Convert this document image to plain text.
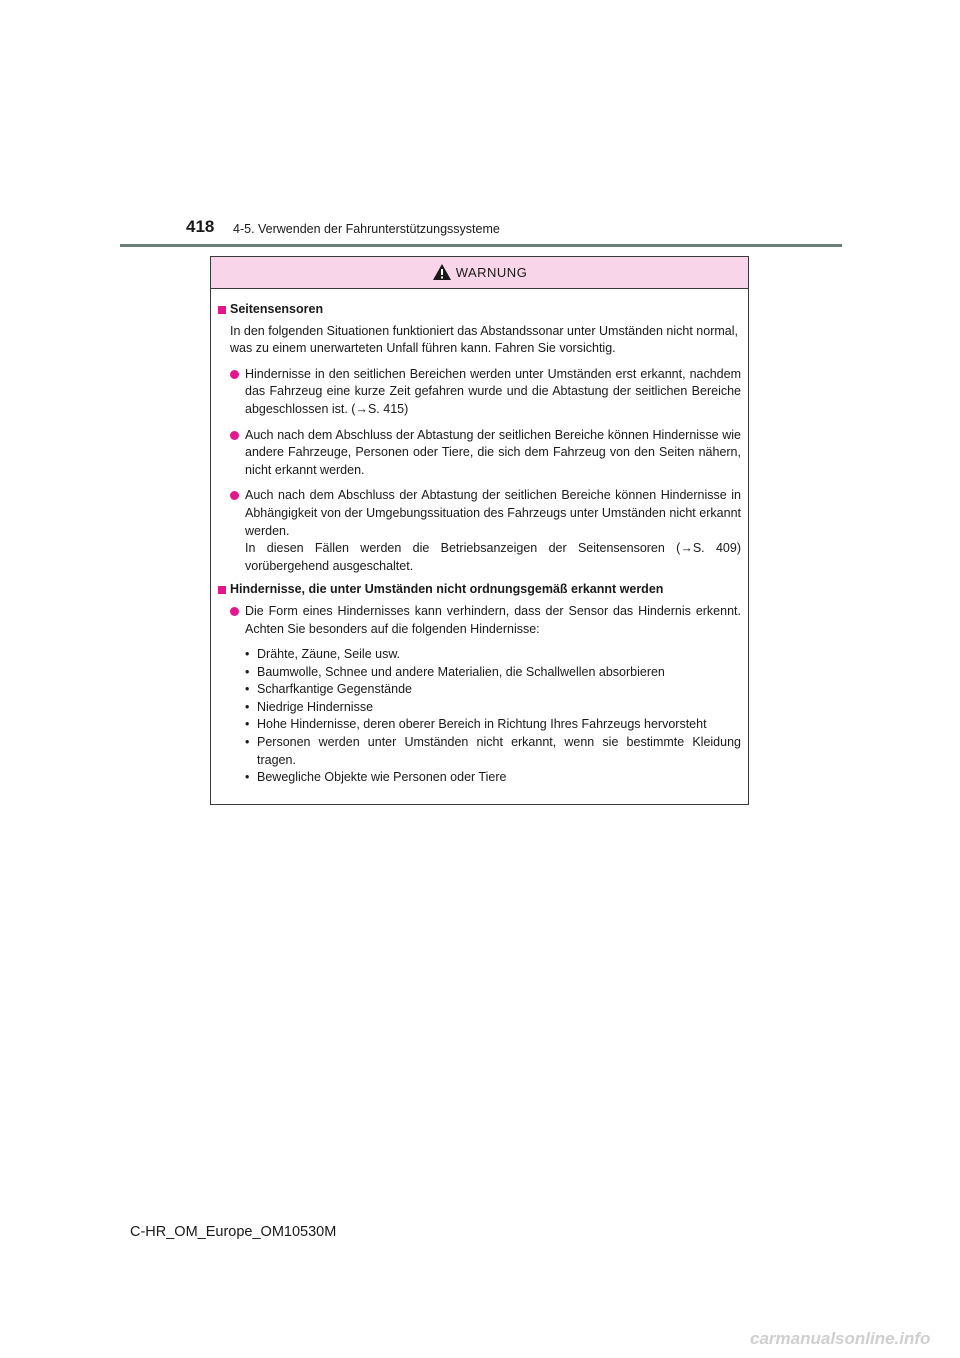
418 4-5. Verwenden der Fahrunterstützungssysteme
WARNUNG
Seitensensoren
In den folgenden Situationen funktioniert das Abstandssonar unter Umständen nicht normal, was zu einem unerwarteten Unfall führen kann. Fahren Sie vorsichtig.
Hindernisse in den seitlichen Bereichen werden unter Umständen erst erkannt, nachdem das Fahrzeug eine kurze Zeit gefahren wurde und die Abtastung der seitlichen Bereiche abgeschlossen ist. (→S. 415)
Auch nach dem Abschluss der Abtastung der seitlichen Bereiche können Hindernisse wie andere Fahrzeuge, Personen oder Tiere, die sich dem Fahrzeug von den Seiten nähern, nicht erkannt werden.
Auch nach dem Abschluss der Abtastung der seitlichen Bereiche können Hindernisse in Abhängigkeit von der Umgebungssituation des Fahrzeugs unter Umständen nicht erkannt werden.
In diesen Fällen werden die Betriebsanzeigen der Seitensensoren (→S. 409) vorübergehend ausgeschaltet.
Hindernisse, die unter Umständen nicht ordnungsgemäß erkannt werden
Die Form eines Hindernisses kann verhindern, dass der Sensor das Hindernis erkennt. Achten Sie besonders auf die folgenden Hindernisse:
• Drähte, Zäune, Seile usw.
• Baumwolle, Schnee und andere Materialien, die Schallwellen absorbieren
• Scharfkantige Gegenstände
• Niedrige Hindernisse
• Hohe Hindernisse, deren oberer Bereich in Richtung Ihres Fahrzeugs hervorsteht
• Personen werden unter Umständen nicht erkannt, wenn sie bestimmte Kleidung tragen.
• Bewegliche Objekte wie Personen oder Tiere
C-HR_OM_Europe_OM10530M
carmanualsonline.info
